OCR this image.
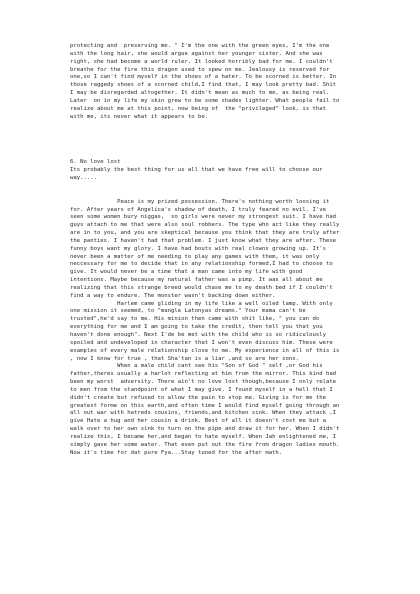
protecting and  preserving me. " I'm the one with the green eyes, I'm the one
with the long hair, she would argue against her younger sister. And she was
right, she had become a world ruler. It looked horribly bad for me. I couldn't
breathe for the fire this dragon used to spew on me. Jealousy is reserved for
one,so I can't find myself in the shoes of a hater. To be scorned is better. In
those raggedy shoes of a scorned child,I find that, I may look pretty bad. Shit
I may be disregarded altogether. It didn't mean as much to me, as being real.
Later  on in my life my skin grew to be some shades lighter. What people fail to
realize about me at this point, now being of  the "privileged" look, is that
with me, its never what it appears to be.
6. No love lost
Its probably the best thing for us all that we have free will to choose our
way.....
Peace is my prized possession. There's nothing worth loosing it
for. After years of Angelica's shadow of death, I truly feared no evil. I've
seen some women bury niggas,  so girls were never my strongest suit. I have had
guys attach to me that were also soul robbers. The type who act like they really
are in to you, and you are skeptical because you think that they are truly after
the panties. I haven't had that problem. I just know what they are after. These
funny boys want my glory. I have had bouts with real clowns growing up. It's
never been a matter of me needing to play any games with them, it was only
neccessary for me to decide that in any relationship formed,I had to choose to
give. It would never be a time that a man came into my life with good
intentions. Maybe because my natural father was a pimp. It was all about me
realizing that this strange breed would chase me to my death bed if I couldn't
find a way to endure. The monster wasn't backing down either.
Harlem came gliding in my life like a well oiled lamp. With only
one mission it seemed, to "mangle Latonyas dreams." Your mama can't be
trusted",he'd say to me. His minion then came with shit like, " you can do
everything for me and I am going to take the credit, then tell you that you
haven't done enough". Next I'de be met with the child who is so ridiculously
spoiled and undeveloped in character that I won't even discuss him. These were
examples of every male relationship close to me. My experience in all of this is
, now I know for true , that Sha'tan is a liar ,and so are her sons.
When a male child cant see his "Son of God " self ,or God his
father,theres usually a harlot reflecting at him from the mirror. This kind had
been my worst  adversity. There ain't no love lost though,because I only relate
to men from the standpoint of what I may give. I found myself in a hell that I
didn't create but refused to allow the pain to stop me. Giving is for me the
greatest forme on this earth,and often time I would find myself going through an
all out war with hatreds cousins, friends,and kitchen sink. When they attack ,I
give Hate a hug and her cousin a drink. Best of all it doesn't cost me but a
walk over to her own sink to turn on the pipe and draw it for her. When I didn't
realize this, I became her,and began to hate myself. When Jah enlightened me, I
simply gave her some water. That even put out the fire from dragon ladies mouth.
Now it's time for dat pure Fya...Stay tuned for the after math.
